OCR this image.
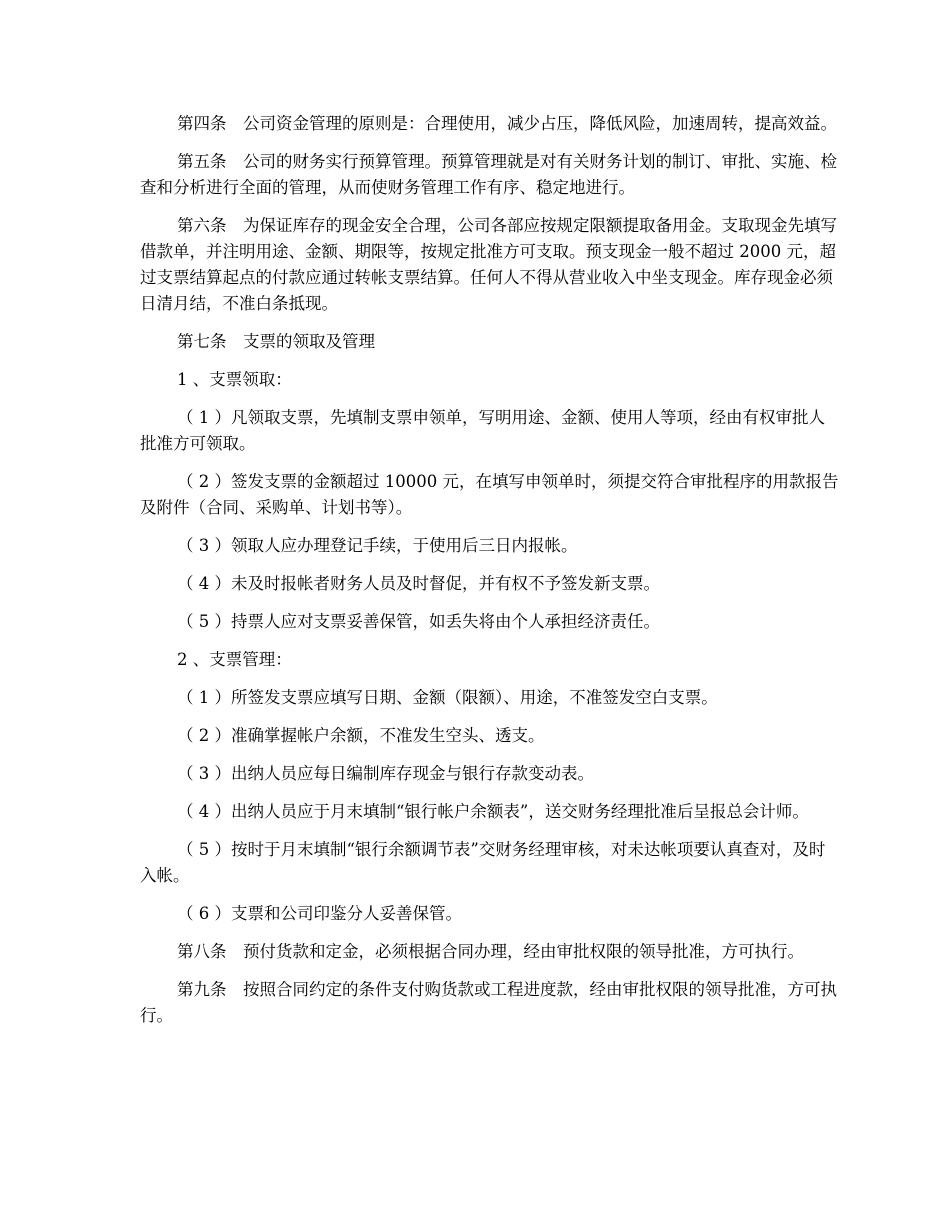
第四条　公司资金管理的原则是：合理使用，减少占压，降低风险，加速周转，提高效益。

第五条　公司的财务实行预算管理。预算管理就是对有关财务计划的制订、审批、实施、检查和分析进行全面的管理，从而使财务管理工作有序、稳定地进行。

第六条　为保证库存的现金安全合理，公司各部应按规定限额提取备用金。支取现金先填写借款单，并注明用途、金额、期限等，按规定批准方可支取。预支现金一般不超过 2000 元，超过支票结算起点的付款应通过转帐支票结算。任何人不得从营业收入中坐支现金。库存现金必须日清月结，不准白条抵现。

第七条　支票的领取及管理

1 、支票领取：

（ 1 ）凡领取支票，先填制支票申领单，写明用途、金额、使用人等项，经由有权审批人批准方可领取。

（ 2 ）签发支票的金额超过 10000 元，在填写申领单时，须提交符合审批程序的用款报告及附件（合同、采购单、计划书等）。

（ 3 ）领取人应办理登记手续，于使用后三日内报帐。

（ 4 ）未及时报帐者财务人员及时督促，并有权不予签发新支票。

（ 5 ）持票人应对支票妥善保管，如丢失将由个人承担经济责任。

2 、支票管理：

（ 1 ）所签发支票应填写日期、金额（限额）、用途，不准签发空白支票。

（ 2 ）准确掌握帐户余额，不准发生空头、透支。

（ 3 ）出纳人员应每日编制库存现金与银行存款变动表。

（ 4 ）出纳人员应于月末填制“银行帐户余额表”，送交财务经理批准后呈报总会计师。

（ 5 ）按时于月末填制“银行余额调节表”交财务经理审核，对未达帐项要认真查对，及时入帐。

（ 6 ）支票和公司印鉴分人妥善保管。

第八条　预付货款和定金，必须根据合同办理，经由审批权限的领导批准，方可执行。

第九条　按照合同约定的条件支付购货款或工程进度款，经由审批权限的领导批准，方可执行。
